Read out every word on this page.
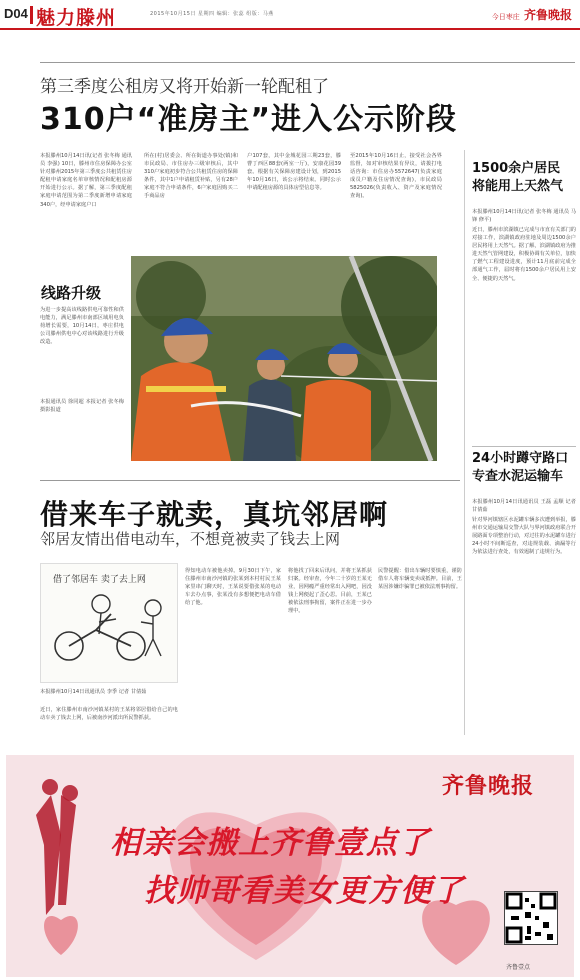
D04 魅力滕州	2015年10月15日 星期四 编辑：张蕊 组版：马燕	今日枣庄 齐鲁晚报
第三季度公租房又将开始新一轮配租了
310户“准房主”进入公示阶段
本报滕州10月14日讯(记者 张冬梅 通讯员 李强) 10日，滕州市住房保障办公室针对滕州2015年第三季度公共租赁住房配租申请家庭名单审核情况和配租房源开始进行公示。据了解，第三季度配租家庭申请范围为第二季度新增申请家庭340户，经申请家庭户口
所在(村)居委会、所在街道办事处(镇)和市民政局、市住房办三级审核后，其中310户家庭初步符合公共租赁住房的保障条件，其中1户申请租赁补贴，另有28户家庭不符合申请条件，6户家庭因购买二手商品房
户107套，其中金城花园三期23套，滕曹丁西区88套(两室一厅)，安康花园39套。根据有关保障房建设计划，到2015年10月16日，该公示将结束。同时公示申请配租房源的具体房型信息等。
至2015年10月16日止，接受社会各界监督，如对审核结果有异议，请拨打电话咨询：市住房办5572647(负责家庭成员户籍及住房情况查询)，市民政局5825026(负责收入、资产及家庭情况查询)。
1500余户居民
将能用上天然气
本报滕州10月14日讯(记者 张冬梅 通讯员 马锋 修平)
近日，滕州市滨湖镇已完成与市直有关部门的对接工作，滨湖镇政府驻地及周边1500余户居民将用上天然气。据了解，滨湖镇政府为推进天然气管网建设，积极协调有关单位，加快了燃气工程建设进度，预计11月底前完成全部通气工作，届时将有1500余户居民用上安全、便捷的天然气。
线路升级
为进一步提高该线路供电可靠性和供电能力，满足滕州市南部区域用电负荷增长需要，10月14日，枣庄供电公司滕州供电中心对该线路进行升级改造。
本报通讯员 徐同超 本报记者 张冬梅 摄影报道
24小时蹲守路口
专查水泥运输车
本报滕州10月14日讯通讯员 王磊 孟顺 记者 甘倩茹
针对界河镇辖区水泥罐车辆多次遭到举报，滕州市交通运输局交警大队与界河镇政府联合开展路面专项整治行动，对过往的水泥罐车进行24小时不间断巡查，对违规装载、滴漏等行为依法进行查处，有效遏制了违规行为。
借来车子就卖，真坑邻居啊
邻居友情出借电动车，不想竟被卖了钱去上网
借了邻居车 卖了去上网
本报滕州10月14日讯通讯员 李季 记者 甘倩茹
近日，家住滕州市南沙河镇某村的王某将邻居借给自己的电动车卖了钱去上网，后被南沙河派出所民警抓获。
得知电动车被他卖掉。9月30日下午，家住滕州市南沙河镇的张某到本村村民王某家里串门聊天时，王某说要借张某的电动车去办点事，张某没有多想便把电动车借给了他。
将他找了回来后讯问，并将王某抓获归案。经审查，今年二十岁的王某无业，因网瘾严重经常出入网吧，因没钱上网便起了歪心思。目前，王某已被依法刑事拘留，案件正在进一步办理中。
民警提醒：借出车辆时要慎重，谨防借车人将车辆变卖或抵押。目前，王某因涉嫌诈骗罪已被依法刑事拘留。
齐鲁晚报
相亲会搬上齐鲁壹点了
找帅哥看美女更方便了
齐鲁壹点
